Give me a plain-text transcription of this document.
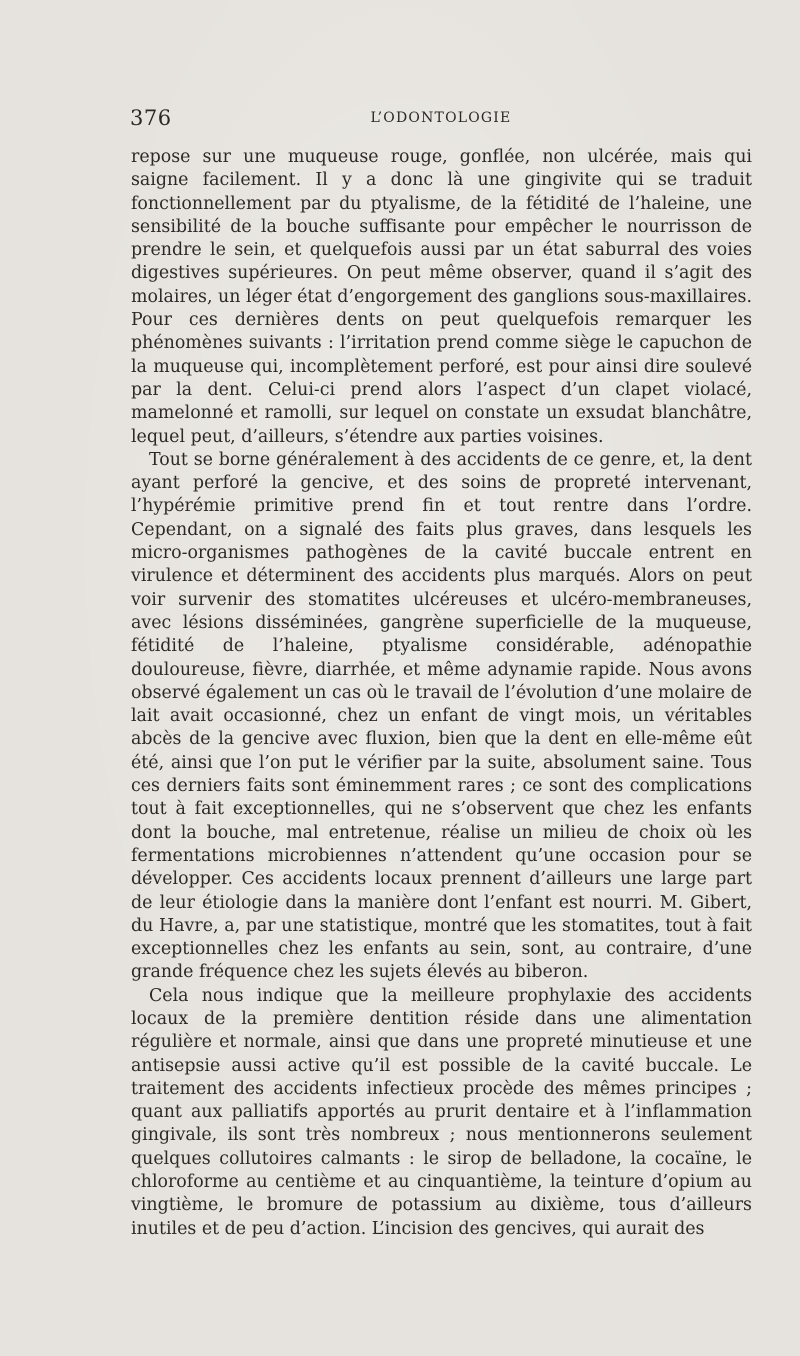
376	L’ODONTOLOGIE

repose sur une muqueuse rouge, gonflée, non ulcérée, mais qui saigne facilement. Il y a donc là une gingivite qui se traduit fonctionnellement par du ptyalisme, de la fétidité de l’haleine, une sensibilité de la bouche suffisante pour empêcher le nourrisson de prendre le sein, et quelquefois aussi par un état saburral des voies digestives supérieures. On peut même observer, quand il s’agit des molaires, un léger état d’engorgement des ganglions sous-maxillaires. Pour ces dernières dents on peut quelquefois remarquer les phénomènes suivants : l’irritation prend comme siège le capuchon de la muqueuse qui, incomplètement perforé, est pour ainsi dire soulevé par la dent. Celui-ci prend alors l’aspect d’un clapet violacé, mamelonné et ramolli, sur lequel on constate un exsudat blanchâtre, lequel peut, d’ailleurs, s’étendre aux parties voisines.

Tout se borne généralement à des accidents de ce genre, et, la dent ayant perforé la gencive, et des soins de propreté intervenant, l’hypérémie primitive prend fin et tout rentre dans l’ordre. Cependant, on a signalé des faits plus graves, dans lesquels les micro-organismes pathogènes de la cavité buccale entrent en virulence et déterminent des accidents plus marqués. Alors on peut voir survenir des stomatites ulcéreuses et ulcéro-membraneuses, avec lésions disséminées, gangrène superficielle de la muqueuse, fétidité de l’haleine, ptyalisme considérable, adénopathie douloureuse, fièvre, diarrhée, et même adynamie rapide. Nous avons observé également un cas où le travail de l’évolution d’une molaire de lait avait occasionné, chez un enfant de vingt mois, un véritables abcès de la gencive avec fluxion, bien que la dent en elle-même eût été, ainsi que l’on put le vérifier par la suite, absolument saine. Tous ces derniers faits sont éminemment rares ; ce sont des complications tout à fait exceptionnelles, qui ne s’observent que chez les enfants dont la bouche, mal entretenue, réalise un milieu de choix où les fermentations microbiennes n’attendent qu’une occasion pour se développer. Ces accidents locaux prennent d’ailleurs une large part de leur étiologie dans la manière dont l’enfant est nourri. M. Gibert, du Havre, a, par une statistique, montré que les stomatites, tout à fait exceptionnelles chez les enfants au sein, sont, au contraire, d’une grande fréquence chez les sujets élevés au biberon.

Cela nous indique que la meilleure prophylaxie des accidents locaux de la première dentition réside dans une alimentation régulière et normale, ainsi que dans une propreté minutieuse et une antisepsie aussi active qu’il est possible de la cavité buccale. Le traitement des accidents infectieux procède des mêmes principes ; quant aux palliatifs apportés au prurit dentaire et à l’inflammation gingivale, ils sont très nombreux ; nous mentionnerons seulement quelques collutoires calmants : le sirop de belladone, la cocaïne, le chloroforme au centième et au cinquantième, la teinture d’opium au vingtième, le bromure de potassium au dixième, tous d’ailleurs inutiles et de peu d’action. L’incision des gencives, qui aurait des
